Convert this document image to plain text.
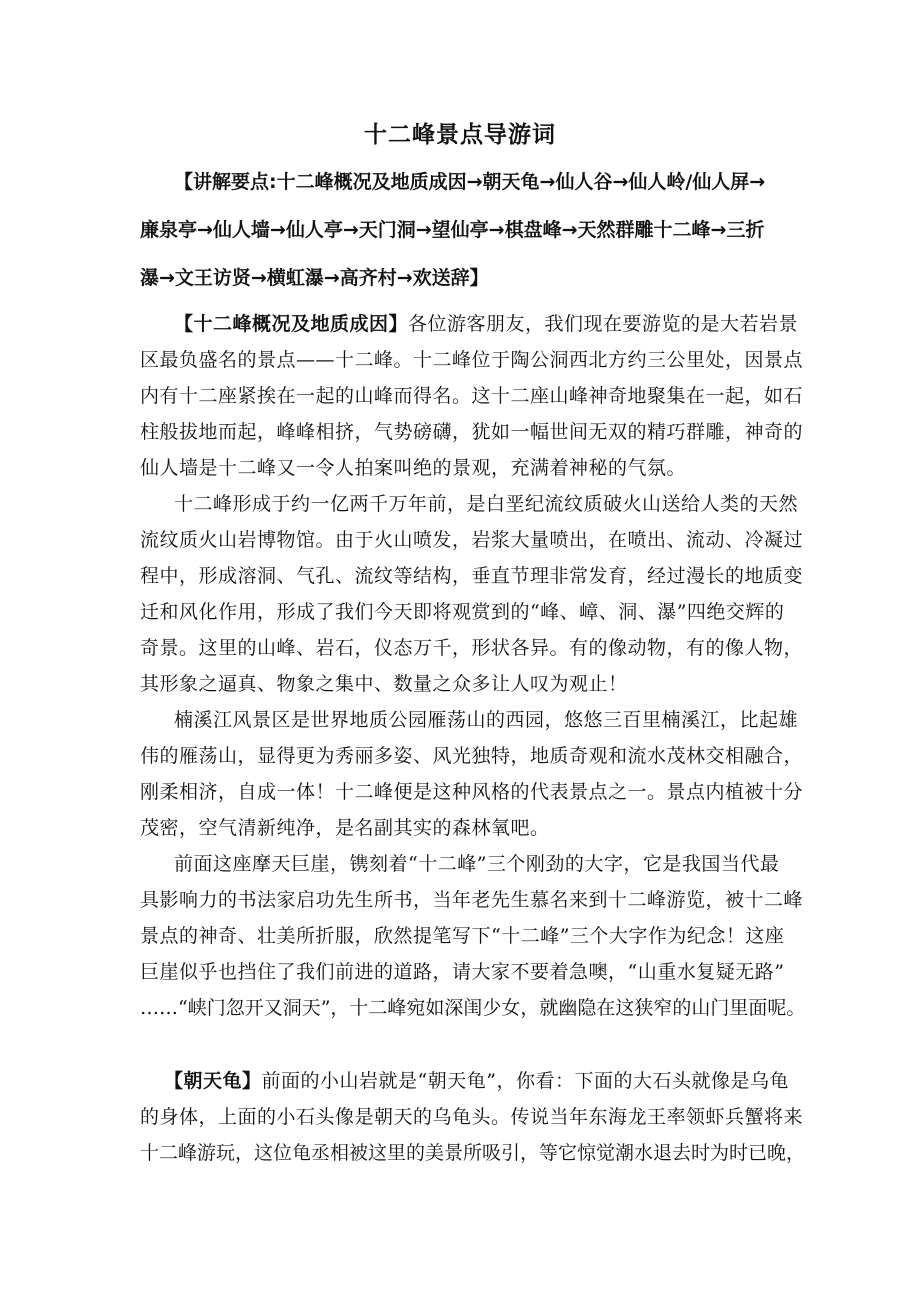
十二峰景点导游词
【讲解要点:十二峰概况及地质成因→朝天龟→仙人谷→仙人岭/仙人屏→
廉泉亭→仙人墙→仙人亭→天门洞→望仙亭→棋盘峰→天然群雕十二峰→三折
瀑→文王访贤→横虹瀑→高齐村→欢送辞】
【十二峰概况及地质成因】各位游客朋友，我们现在要游览的是大若岩景
区最负盛名的景点——十二峰。十二峰位于陶公洞西北方约三公里处，因景点
内有十二座紧挨在一起的山峰而得名。这十二座山峰神奇地聚集在一起，如石
柱般拔地而起，峰峰相挤，气势磅礴，犹如一幅世间无双的精巧群雕，神奇的
仙人墙是十二峰又一令人拍案叫绝的景观，充满着神秘的气氛。
十二峰形成于约一亿两千万年前，是白垩纪流纹质破火山送给人类的天然
流纹质火山岩博物馆。由于火山喷发，岩浆大量喷出，在喷出、流动、冷凝过
程中，形成溶洞、气孔、流纹等结构，垂直节理非常发育，经过漫长的地质变
迁和风化作用，形成了我们今天即将观赏到的“峰、嶂、洞、瀑”四绝交辉的
奇景。这里的山峰、岩石，仪态万千，形状各异。有的像动物，有的像人物，
其形象之逼真、物象之集中、数量之众多让人叹为观止！
楠溪江风景区是世界地质公园雁荡山的西园，悠悠三百里楠溪江，比起雄
伟的雁荡山，显得更为秀丽多姿、风光独特，地质奇观和流水茂林交相融合，
刚柔相济，自成一体！十二峰便是这种风格的代表景点之一。景点内植被十分
茂密，空气清新纯净，是名副其实的森林氧吧。
前面这座摩天巨崖，镌刻着“十二峰”三个刚劲的大字，它是我国当代最
具影响力的书法家启功先生所书，当年老先生慕名来到十二峰游览，被十二峰
景点的神奇、壮美所折服，欣然提笔写下“十二峰”三个大字作为纪念！这座
巨崖似乎也挡住了我们前进的道路，请大家不要着急噢，“山重水复疑无路”
……“峡门忽开又洞天”，十二峰宛如深闺少女，就幽隐在这狭窄的山门里面呢。
【朝天龟】前面的小山岩就是“朝天龟”，你看：下面的大石头就像是乌龟
的身体，上面的小石头像是朝天的乌龟头。传说当年东海龙王率领虾兵蟹将来
十二峰游玩，这位龟丞相被这里的美景所吸引，等它惊觉潮水退去时为时已晚，
